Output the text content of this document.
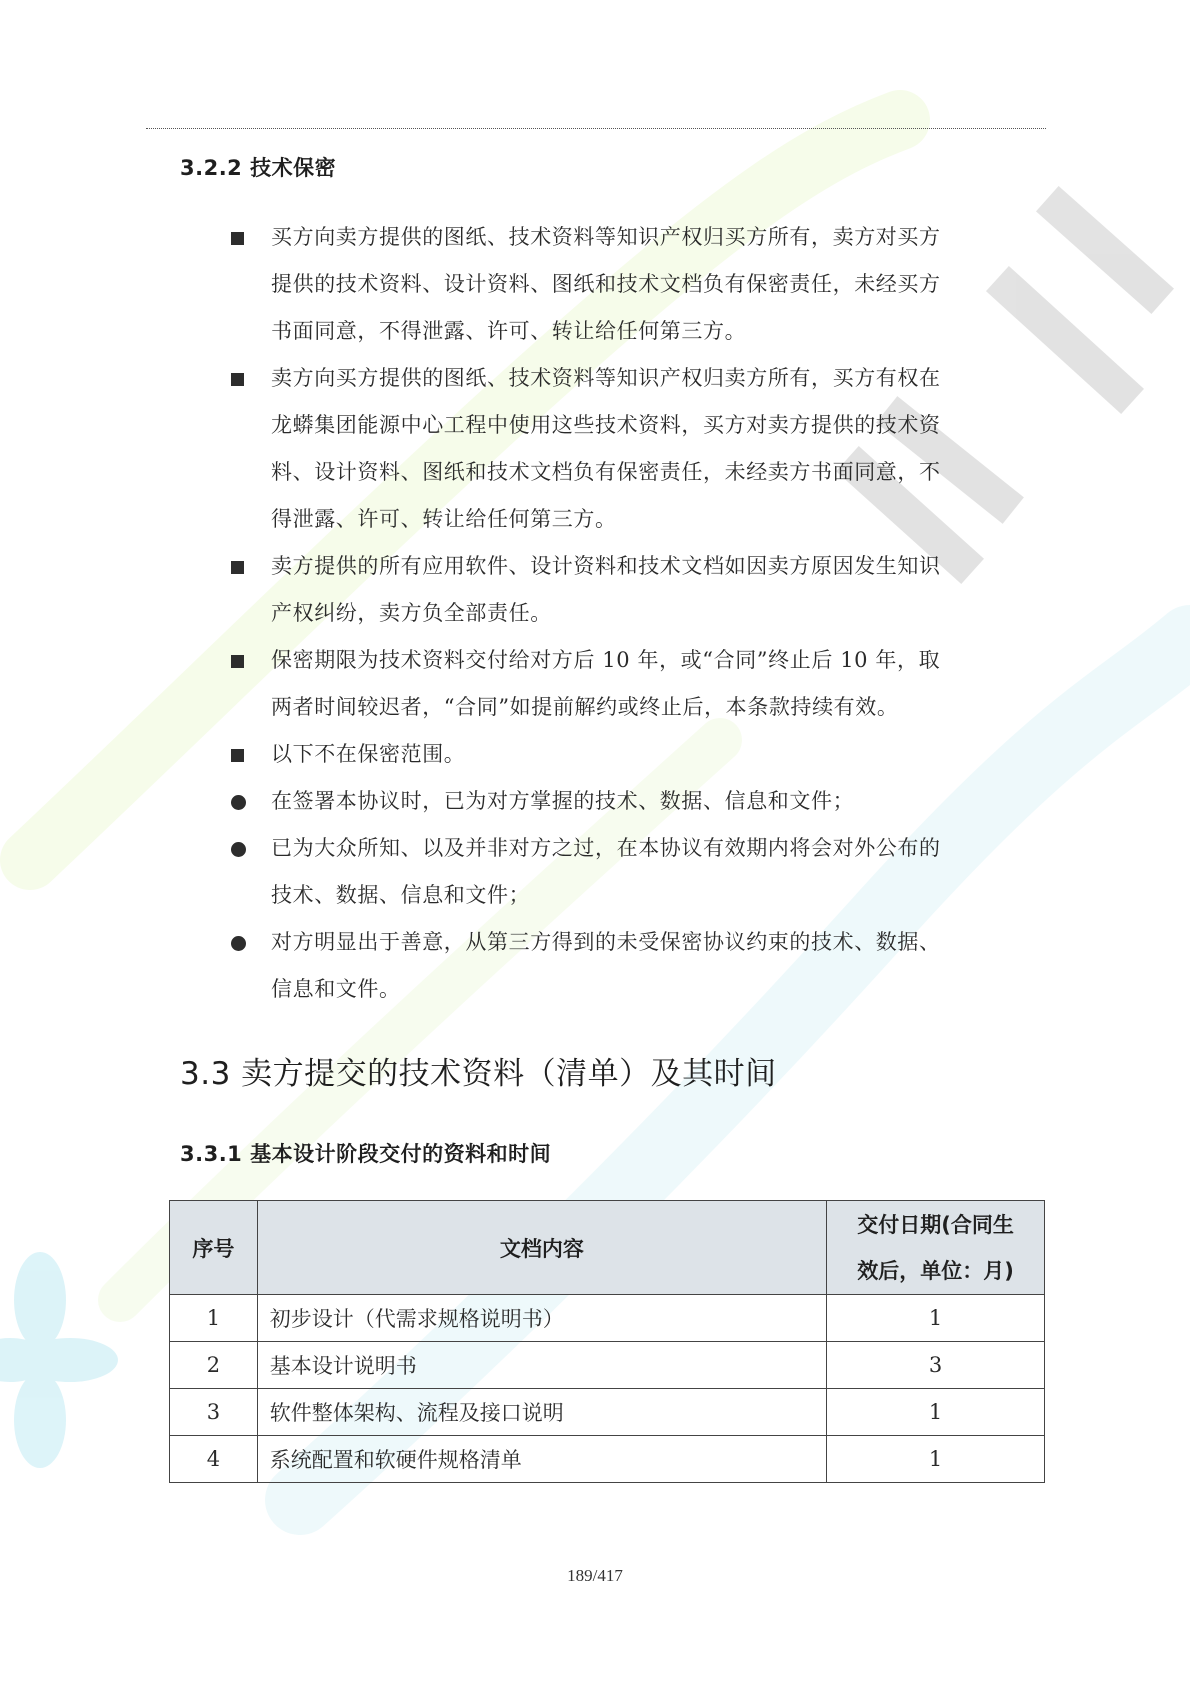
3.2.2 技术保密
买方向卖方提供的图纸、技术资料等知识产权归买方所有，卖方对买方
提供的技术资料、设计资料、图纸和技术文档负有保密责任，未经买方
书面同意，不得泄露、许可、转让给任何第三方。
卖方向买方提供的图纸、技术资料等知识产权归卖方所有，买方有权在
龙蟒集团能源中心工程中使用这些技术资料，买方对卖方提供的技术资
料、设计资料、图纸和技术文档负有保密责任，未经卖方书面同意，不
得泄露、许可、转让给任何第三方。
卖方提供的所有应用软件、设计资料和技术文档如因卖方原因发生知识
产权纠纷，卖方负全部责任。
保密期限为技术资料交付给对方后 10 年，或“合同”终止后 10 年，取
两者时间较迟者，“合同”如提前解约或终止后，本条款持续有效。
以下不在保密范围。
在签署本协议时，已为对方掌握的技术、数据、信息和文件；
已为大众所知、以及并非对方之过，在本协议有效期内将会对外公布的
技术、数据、信息和文件；
对方明显出于善意，从第三方得到的未受保密协议约束的技术、数据、
信息和文件。
3.3 卖方提交的技术资料（清单）及其时间
3.3.1 基本设计阶段交付的资料和时间
序号	文档内容	交付日期(合同生
效后，单位：月)

1	初步设计（代需求规格说明书）	1
2	基本设计说明书	3
3	软件整体架构、流程及接口说明	1
4	系统配置和软硬件规格清单	1
189/417
